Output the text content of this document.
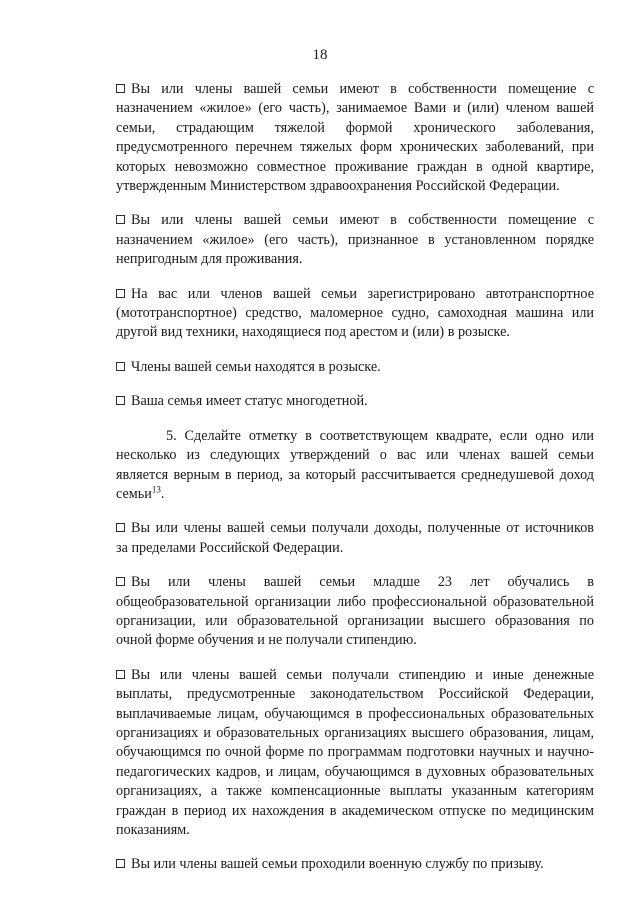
18
Вы или члены вашей семьи имеют в собственности помещение с
назначением «жилое» (его часть), занимаемое Вами и (или) членом вашей
семьи, страдающим тяжелой формой хронического заболевания,
предусмотренного перечнем тяжелых форм хронических заболеваний, при
которых невозможно совместное проживание граждан в одной квартире,
утвержденным Министерством здравоохранения Российской Федерации.
Вы или члены вашей семьи имеют в собственности помещение с
назначением «жилое» (его часть), признанное в установленном порядке
непригодным для проживания.
На вас или членов вашей семьи зарегистрировано автотранспортное
(мототранспортное) средство, маломерное судно, самоходная машина или
другой вид техники, находящиеся под арестом и (или) в розыске.
Члены вашей семьи находятся в розыске.
Ваша семья имеет статус многодетной.
5. Сделайте отметку в соответствующем квадрате, если одно или
несколько из следующих утверждений о вас или членах вашей семьи
является верным в период, за который рассчитывается среднедушевой доход
семьи$^{13}$.
Вы или члены вашей семьи получали доходы, полученные от источников
за пределами Российской Федерации.
Вы или члены вашей семьи младше 23 лет обучались в
общеобразовательной организации либо профессиональной образовательной
организации, или образовательной организации высшего образования по
очной форме обучения и не получали стипендию.
Вы или члены вашей семьи получали стипендию и иные денежные
выплаты, предусмотренные законодательством Российской Федерации,
выплачиваемые лицам, обучающимся в профессиональных образовательных
организациях и образовательных организациях высшего образования, лицам,
обучающимся по очной форме по программам подготовки научных и научно-
педагогических кадров, и лицам, обучающимся в духовных образовательных
организациях, а также компенсационные выплаты указанным категориям
граждан в период их нахождения в академическом отпуске по медицинским
показаниям.
Вы или члены вашей семьи проходили военную службу по призыву.
